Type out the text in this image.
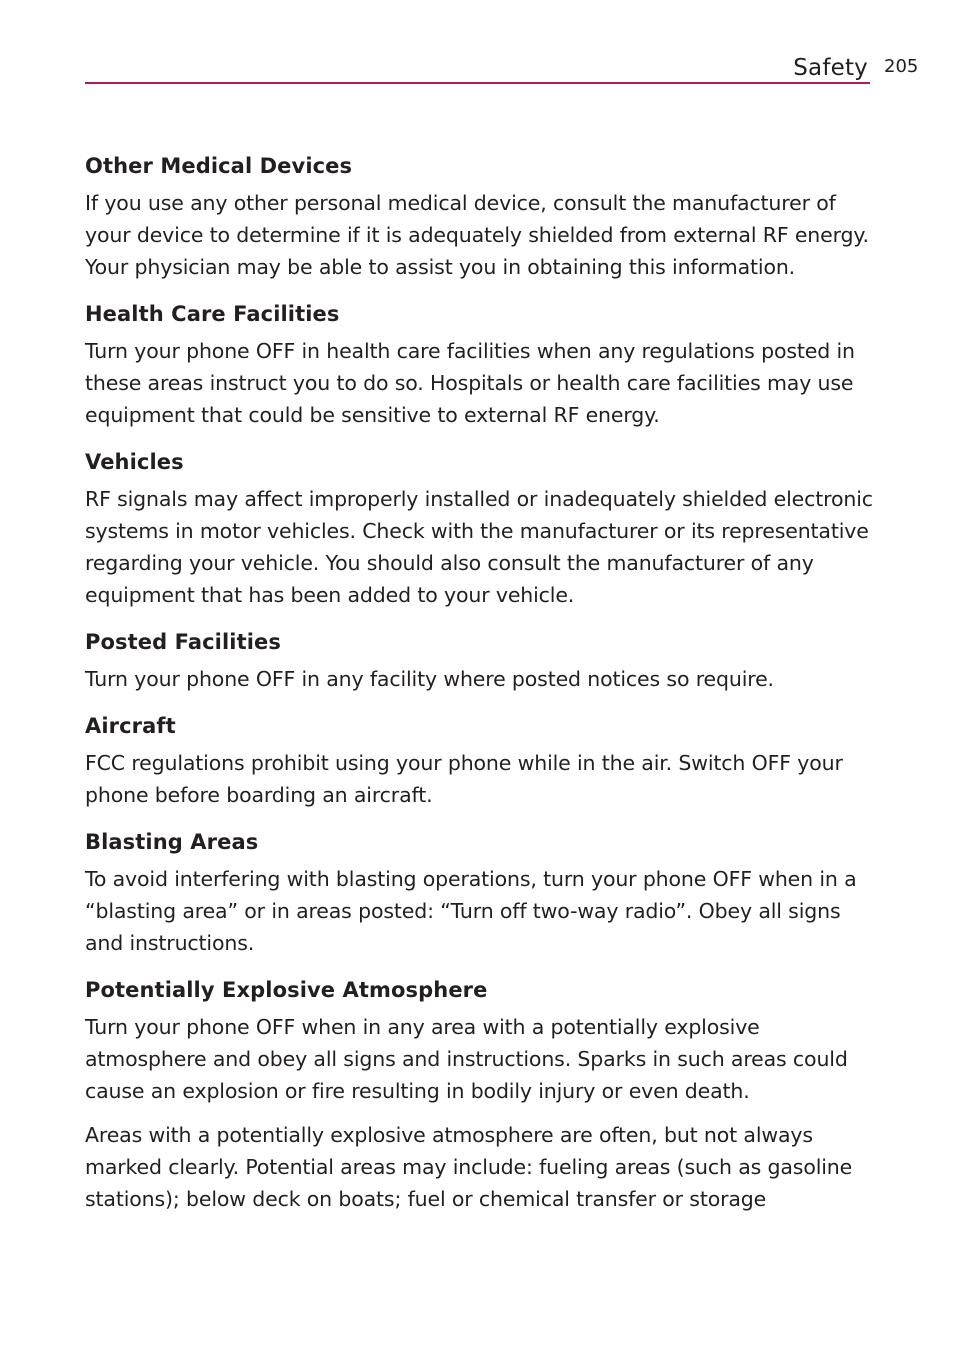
Safety 205
Other Medical Devices

If you use any other personal medical device, consult the manufacturer of your device to determine if it is adequately shielded from external RF energy. Your physician may be able to assist you in obtaining this information.

Health Care Facilities

Turn your phone OFF in health care facilities when any regulations posted in these areas instruct you to do so. Hospitals or health care facilities may use equipment that could be sensitive to external RF energy.

Vehicles

RF signals may affect improperly installed or inadequately shielded electronic systems in motor vehicles. Check with the manufacturer or its representative regarding your vehicle. You should also consult the manufacturer of any equipment that has been added to your vehicle.

Posted Facilities

Turn your phone OFF in any facility where posted notices so require.

Aircraft

FCC regulations prohibit using your phone while in the air. Switch OFF your phone before boarding an aircraft.

Blasting Areas

To avoid interfering with blasting operations, turn your phone OFF when in a “blasting area” or in areas posted: “Turn off two-way radio”. Obey all signs and instructions.

Potentially Explosive Atmosphere

Turn your phone OFF when in any area with a potentially explosive atmosphere and obey all signs and instructions. Sparks in such areas could cause an explosion or fire resulting in bodily injury or even death.

Areas with a potentially explosive atmosphere are often, but not always marked clearly. Potential areas may include: fueling areas (such as gasoline stations); below deck on boats; fuel or chemical transfer or storage
